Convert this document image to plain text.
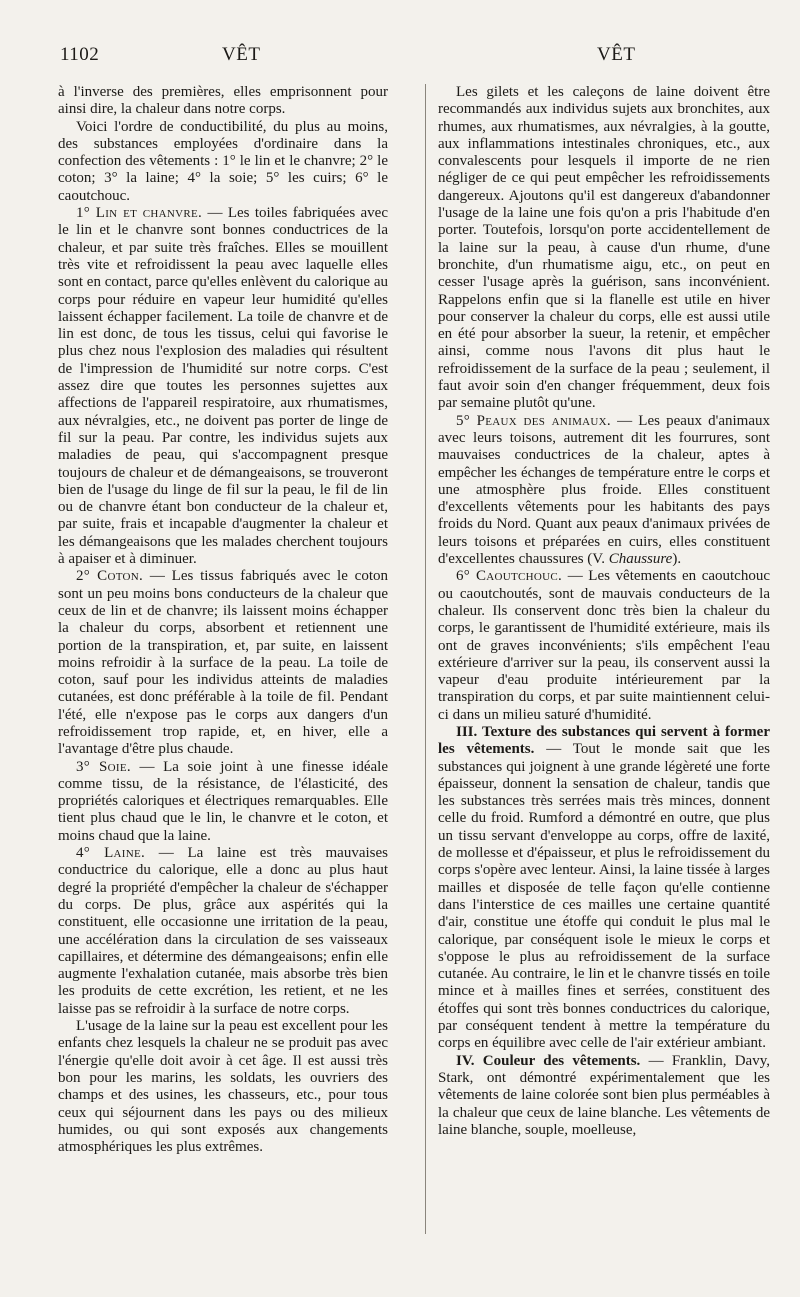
1102	VÊT	VÊT

à l'inverse des premières, elles emprisonnent pour ainsi dire, la chaleur dans notre corps.

Voici l'ordre de conductibilité, du plus au moins, des substances employées d'ordinaire dans la confection des vêtements : 1° le lin et le chanvre; 2° le coton; 3° la laine; 4° la soie; 5° les cuirs; 6° le caoutchouc.

1° Lin et chanvre. — Les toiles fabriquées avec le lin et le chanvre sont bonnes conductrices de la chaleur, et par suite très fraîches. Elles se mouillent très vite et refroidissent la peau avec laquelle elles sont en contact, parce qu'elles enlèvent du calorique au corps pour réduire en vapeur leur humidité qu'elles laissent échapper facilement. La toile de chanvre et de lin est donc, de tous les tissus, celui qui favorise le plus chez nous l'explosion des maladies qui résultent de l'impression de l'humidité sur notre corps. C'est assez dire que toutes les personnes sujettes aux affections de l'appareil respiratoire, aux rhumatismes, aux névralgies, etc., ne doivent pas porter de linge de fil sur la peau. Par contre, les individus sujets aux maladies de peau, qui s'accompagnent presque toujours de chaleur et de démangeaisons, se trouveront bien de l'usage du linge de fil sur la peau, le fil de lin ou de chanvre étant bon conducteur de la chaleur et, par suite, frais et incapable d'augmenter la chaleur et les démangeaisons que les malades cherchent toujours à apaiser et à diminuer.

2° Coton. — Les tissus fabriqués avec le coton sont un peu moins bons conducteurs de la chaleur que ceux de lin et de chanvre; ils laissent moins échapper la chaleur du corps, absorbent et retiennent une portion de la transpiration, et, par suite, en laissent moins refroidir à la surface de la peau. La toile de coton, sauf pour les individus atteints de maladies cutanées, est donc préférable à la toile de fil. Pendant l'été, elle n'expose pas le corps aux dangers d'un refroidissement trop rapide, et, en hiver, elle a l'avantage d'être plus chaude.

3° Soie. — La soie joint à une finesse idéale comme tissu, de la résistance, de l'élasticité, des propriétés caloriques et électriques remarquables. Elle tient plus chaud que le lin, le chanvre et le coton, et moins chaud que la laine.

4° Laine. — La laine est très mauvaises conductrice du calorique, elle a donc au plus haut degré la propriété d'empêcher la chaleur de s'échapper du corps. De plus, grâce aux aspérités qui la constituent, elle occasionne une irritation de la peau, une accélération dans la circulation de ses vaisseaux capillaires, et détermine des démangeaisons; enfin elle augmente l'exhalation cutanée, mais absorbe très bien les produits de cette excrétion, les retient, et ne les laisse pas se refroidir à la surface de notre corps.

L'usage de la laine sur la peau est excellent pour les enfants chez lesquels la chaleur ne se produit pas avec l'énergie qu'elle doit avoir à cet âge. Il est aussi très bon pour les marins, les soldats, les ouvriers des champs et des usines, les chasseurs, etc., pour tous ceux qui séjournent dans les pays ou des milieux humides, ou qui sont exposés aux changements atmosphériques les plus extrêmes.

Les gilets et les caleçons de laine doivent être recommandés aux individus sujets aux bronchites, aux rhumes, aux rhumatismes, aux névralgies, à la goutte, aux inflammations intestinales chroniques, etc., aux convalescents pour lesquels il importe de ne rien négliger de ce qui peut empêcher les refroidissements dangereux. Ajoutons qu'il est dangereux d'abandonner l'usage de la laine une fois qu'on a pris l'habitude d'en porter. Toutefois, lorsqu'on porte accidentellement de la laine sur la peau, à cause d'un rhume, d'une bronchite, d'un rhumatisme aigu, etc., on peut en cesser l'usage après la guérison, sans inconvénient. Rappelons enfin que si la flanelle est utile en hiver pour conserver la chaleur du corps, elle est aussi utile en été pour absorber la sueur, la retenir, et empêcher ainsi, comme nous l'avons dit plus haut le refroidissement de la surface de la peau ; seulement, il faut avoir soin d'en changer fréquemment, deux fois par semaine plutôt qu'une.

5° Peaux des animaux. — Les peaux d'animaux avec leurs toisons, autrement dit les fourrures, sont mauvaises conductrices de la chaleur, aptes à empêcher les échanges de température entre le corps et une atmosphère plus froide. Elles constituent d'excellents vêtements pour les habitants des pays froids du Nord. Quant aux peaux d'animaux privées de leurs toisons et préparées en cuirs, elles constituent d'excellentes chaussures (V. Chaussure).

6° Caoutchouc. — Les vêtements en caoutchouc ou caoutchoutés, sont de mauvais conducteurs de la chaleur. Ils conservent donc très bien la chaleur du corps, le garantissent de l'humidité extérieure, mais ils ont de graves inconvénients; s'ils empêchent l'eau extérieure d'arriver sur la peau, ils conservent aussi la vapeur d'eau produite intérieurement par la transpiration du corps, et par suite maintiennent celui-ci dans un milieu saturé d'humidité.

III. Texture des substances qui servent à former les vêtements. — Tout le monde sait que les substances qui joignent à une grande légèreté une forte épaisseur, donnent la sensation de chaleur, tandis que les substances très serrées mais très minces, donnent celle du froid. Rumford a démontré en outre, que plus un tissu servant d'enveloppe au corps, offre de laxité, de mollesse et d'épaisseur, et plus le refroidissement du corps s'opère avec lenteur. Ainsi, la laine tissée à larges mailles et disposée de telle façon qu'elle contienne dans l'interstice de ces mailles une certaine quantité d'air, constitue une étoffe qui conduit le plus mal le calorique, par conséquent isole le mieux le corps et s'oppose le plus au refroidissement de la surface cutanée. Au contraire, le lin et le chanvre tissés en toile mince et à mailles fines et serrées, constituent des étoffes qui sont très bonnes conductrices du calorique, par conséquent tendent à mettre la température du corps en équilibre avec celle de l'air extérieur ambiant.

IV. Couleur des vêtements. — Franklin, Davy, Stark, ont démontré expérimentalement que les vêtements de laine colorée sont bien plus perméables à la chaleur que ceux de laine blanche. Les vêtements de laine blanche, souple, moelleuse,
